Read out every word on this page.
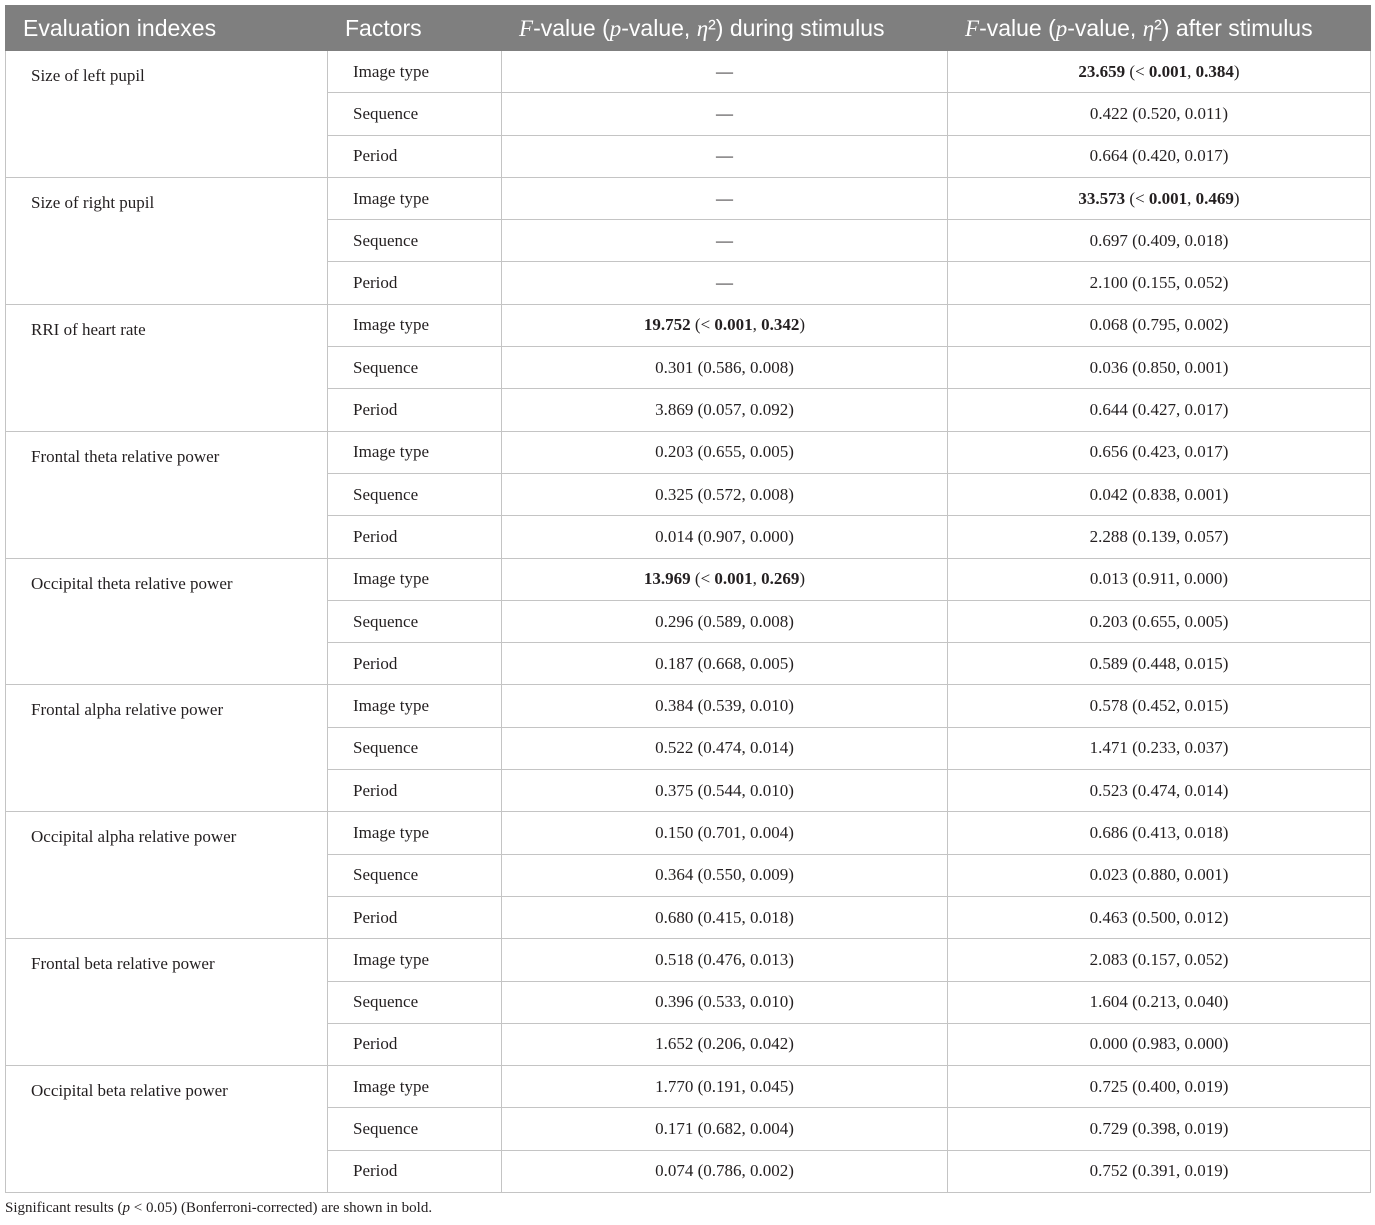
Evaluation indexes	Factors	F-value (p-value, η²) during stimulus	F-value (p-value, η²) after stimulus
Size of left pupil	Image type	—	23.659 (< 0.001, 0.384)
	Sequence	—	0.422 (0.520, 0.011)
	Period	—	0.664 (0.420, 0.017)
Size of right pupil	Image type	—	33.573 (< 0.001, 0.469)
	Sequence	—	0.697 (0.409, 0.018)
	Period	—	2.100 (0.155, 0.052)
RRI of heart rate	Image type	19.752 (< 0.001, 0.342)	0.068 (0.795, 0.002)
	Sequence	0.301 (0.586, 0.008)	0.036 (0.850, 0.001)
	Period	3.869 (0.057, 0.092)	0.644 (0.427, 0.017)
Frontal theta relative power	Image type	0.203 (0.655, 0.005)	0.656 (0.423, 0.017)
	Sequence	0.325 (0.572, 0.008)	0.042 (0.838, 0.001)
	Period	0.014 (0.907, 0.000)	2.288 (0.139, 0.057)
Occipital theta relative power	Image type	13.969 (< 0.001, 0.269)	0.013 (0.911, 0.000)
	Sequence	0.296 (0.589, 0.008)	0.203 (0.655, 0.005)
	Period	0.187 (0.668, 0.005)	0.589 (0.448, 0.015)
Frontal alpha relative power	Image type	0.384 (0.539, 0.010)	0.578 (0.452, 0.015)
	Sequence	0.522 (0.474, 0.014)	1.471 (0.233, 0.037)
	Period	0.375 (0.544, 0.010)	0.523 (0.474, 0.014)
Occipital alpha relative power	Image type	0.150 (0.701, 0.004)	0.686 (0.413, 0.018)
	Sequence	0.364 (0.550, 0.009)	0.023 (0.880, 0.001)
	Period	0.680 (0.415, 0.018)	0.463 (0.500, 0.012)
Frontal beta relative power	Image type	0.518 (0.476, 0.013)	2.083 (0.157, 0.052)
	Sequence	0.396 (0.533, 0.010)	1.604 (0.213, 0.040)
	Period	1.652 (0.206, 0.042)	0.000 (0.983, 0.000)
Occipital beta relative power	Image type	1.770 (0.191, 0.045)	0.725 (0.400, 0.019)
	Sequence	0.171 (0.682, 0.004)	0.729 (0.398, 0.019)
	Period	0.074 (0.786, 0.002)	0.752 (0.391, 0.019)

Significant results (p < 0.05) (Bonferroni-corrected) are shown in bold.
